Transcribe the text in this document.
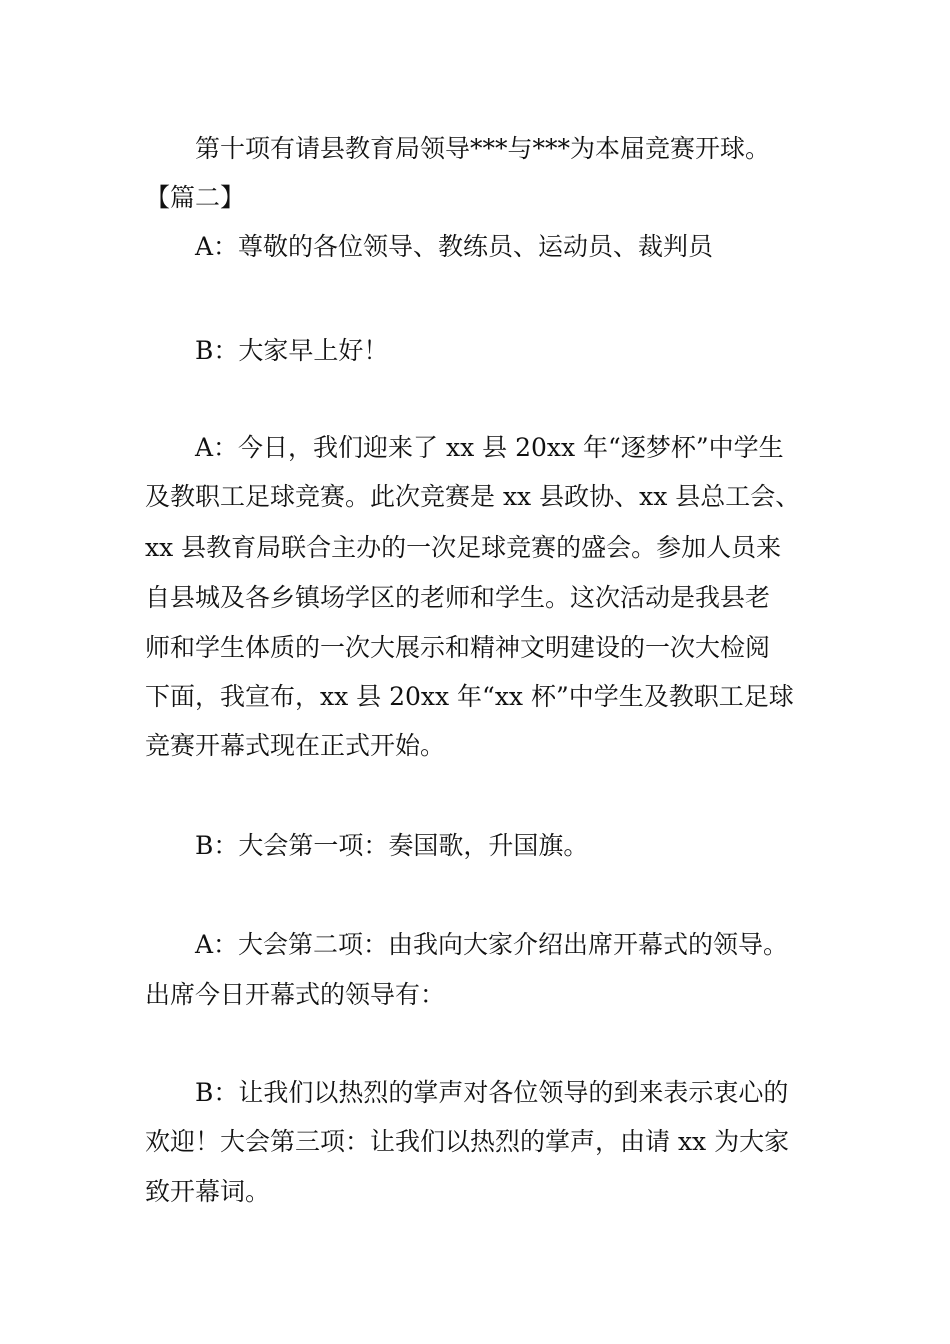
第十项有请县教育局领导***与***为本届竞赛开球。
【篇二】
A：尊敬的各位领导、教练员、运动员、裁判员
B：大家早上好！
A：今日，我们迎来了 xx 县 20xx 年“逐梦杯”中学生
及教职工足球竞赛。此次竞赛是 xx 县政协、xx 县总工会、
xx 县教育局联合主办的一次足球竞赛的盛会。参加人员来
自县城及各乡镇场学区的老师和学生。这次活动是我县老
师和学生体质的一次大展示和精神文明建设的一次大检阅
下面，我宣布，xx 县 20xx 年“xx 杯”中学生及教职工足球
竞赛开幕式现在正式开始。
B：大会第一项：奏国歌，升国旗。
A：大会第二项：由我向大家介绍出席开幕式的领导。
出席今日开幕式的领导有：
B：让我们以热烈的掌声对各位领导的到来表示衷心的
欢迎！大会第三项：让我们以热烈的掌声，由请 xx 为大家
致开幕词。
